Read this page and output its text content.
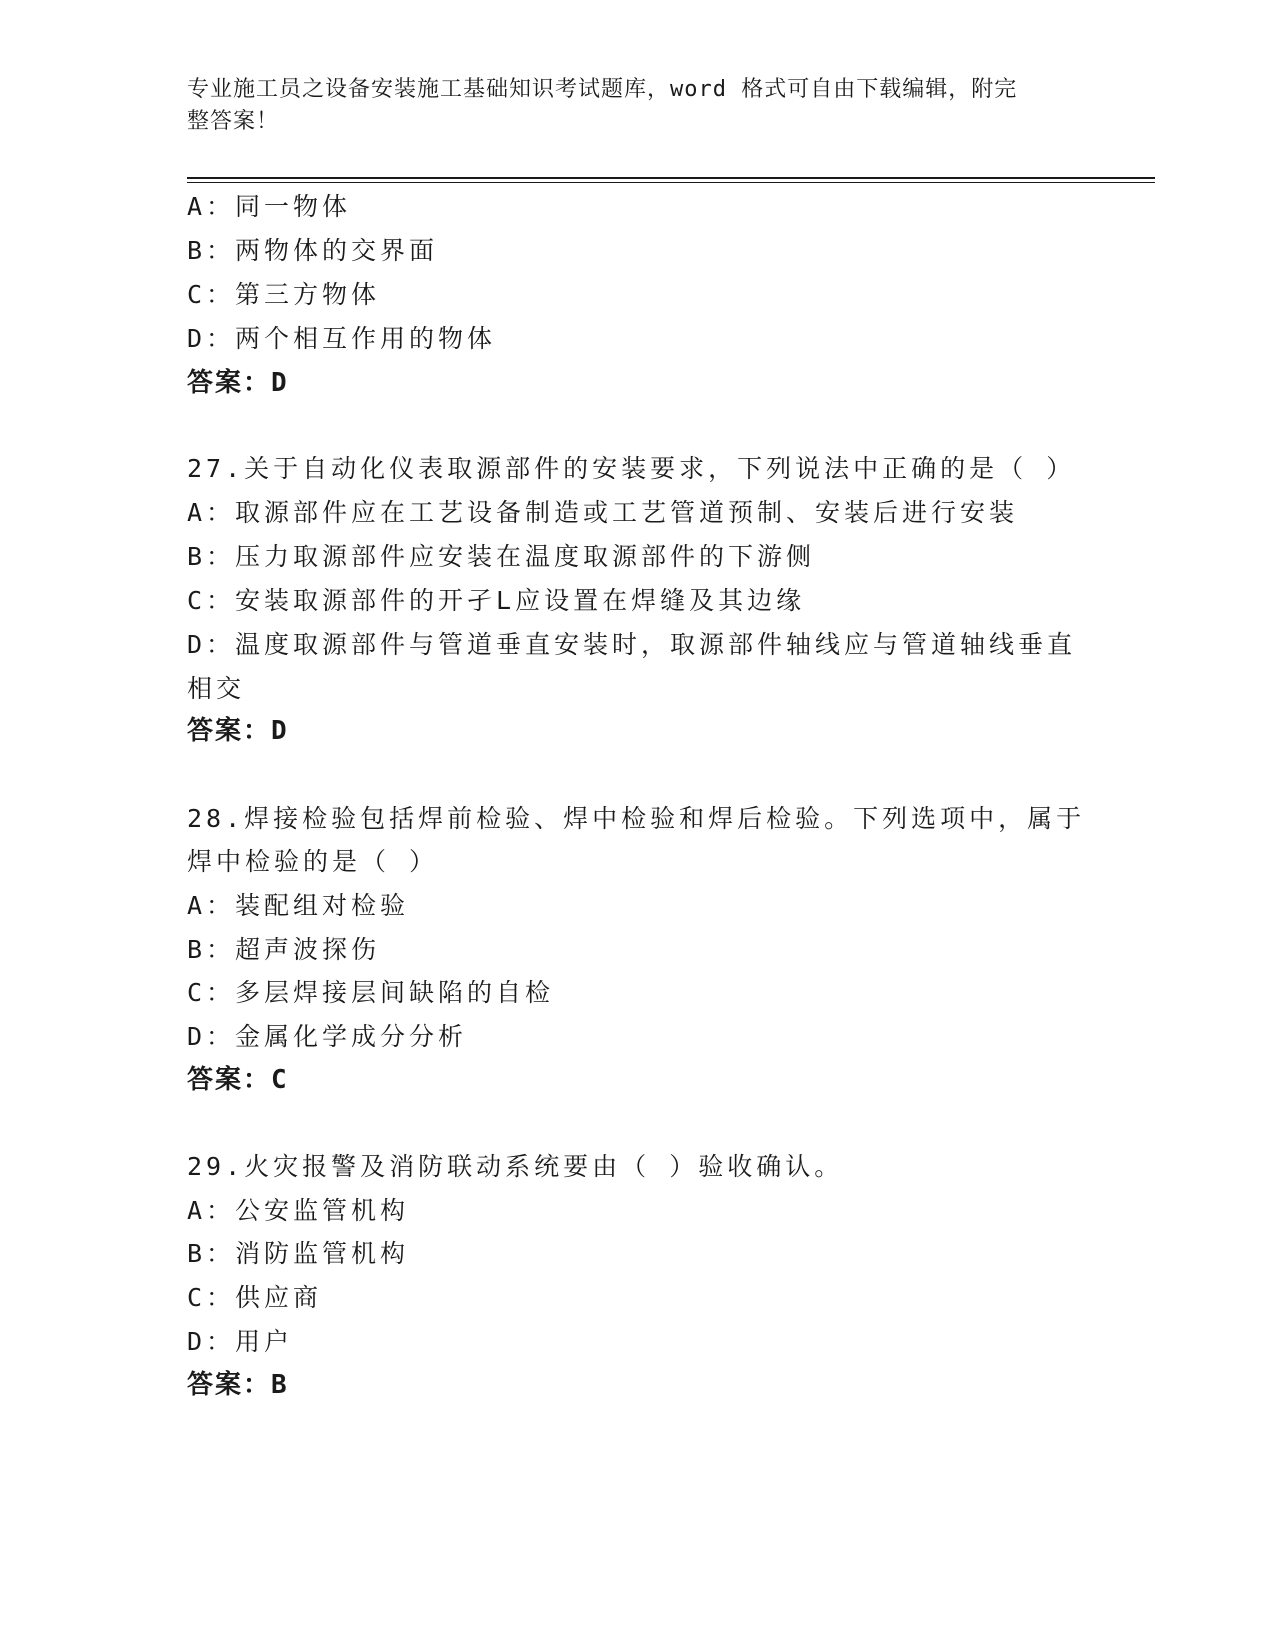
专业施工员之设备安装施工基础知识考试题库，word 格式可自由下载编辑，附完
整答案！
A：同一物体
B：两物体的交界面
C：第三方物体
D：两个相互作用的物体
答案：D
27.关于自动化仪表取源部件的安装要求，下列说法中正确的是（ ）
A：取源部件应在工艺设备制造或工艺管道预制、安装后进行安装
B：压力取源部件应安装在温度取源部件的下游侧
C：安装取源部件的开孑L应设置在焊缝及其边缘
D：温度取源部件与管道垂直安装时，取源部件轴线应与管道轴线垂直
相交
答案：D
28.焊接检验包括焊前检验、焊中检验和焊后检验。下列选项中，属于
焊中检验的是（ ）
A：装配组对检验
B：超声波探伤
C：多层焊接层间缺陷的自检
D：金属化学成分分析
答案：C
29.火灾报警及消防联动系统要由（ ）验收确认。
A：公安监管机构
B：消防监管机构
C：供应商
D：用户
答案：B
